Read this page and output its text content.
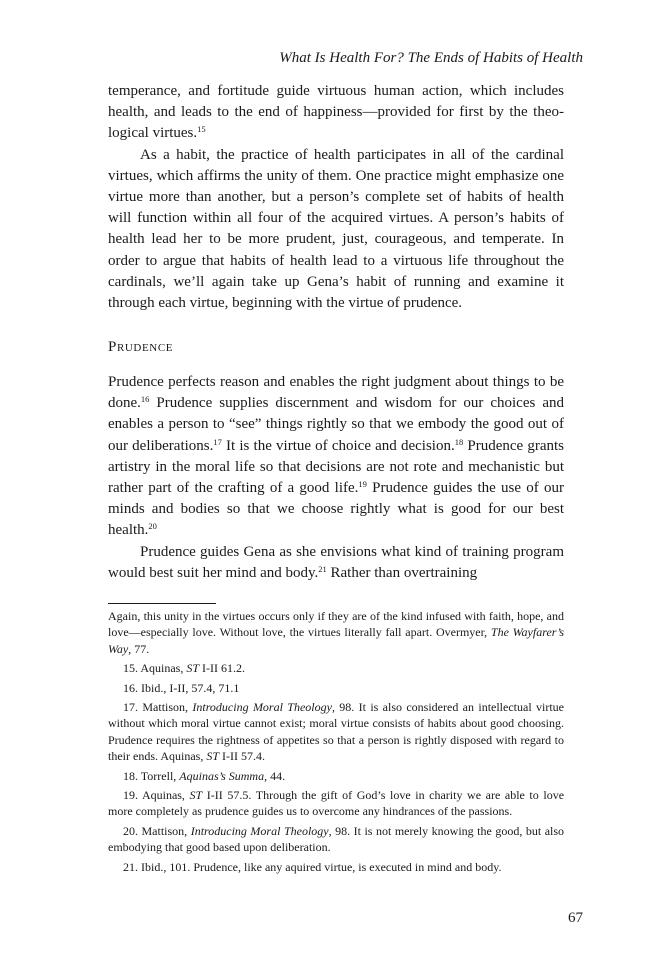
What Is Health For? The Ends of Habits of Health

temperance, and fortitude guide virtuous human action, which includes health, and leads to the end of happiness—provided for first by the theological virtues.$^{15}$

As a habit, the practice of health participates in all of the cardinal virtues, which affirms the unity of them. One practice might emphasize one virtue more than another, but a person’s complete set of habits of health will function within all four of the acquired virtues. A person’s habits of health lead her to be more prudent, just, courageous, and temperate. In order to argue that habits of health lead to a virtuous life throughout the cardinals, we’ll again take up Gena’s habit of running and examine it through each virtue, beginning with the virtue of prudence.

Prudence

Prudence perfects reason and enables the right judgment about things to be done.$^{16}$ Prudence supplies discernment and wisdom for our choices and enables a person to “see” things rightly so that we embody the good out of our deliberations.$^{17}$ It is the virtue of choice and decision.$^{18}$ Prudence grants artistry in the moral life so that decisions are not rote and mechanistic but rather part of the crafting of a good life.$^{19}$ Prudence guides the use of our minds and bodies so that we choose rightly what is good for our best health.$^{20}$

Prudence guides Gena as she envisions what kind of training program would best suit her mind and body.$^{21}$ Rather than overtraining

Again, this unity in the virtues occurs only if they are of the kind infused with faith, hope, and love—especially love. Without love, the virtues literally fall apart. Overmyer, The Wayfarer’s Way, 77.

15. Aquinas, ST I-II 61.2.

16. Ibid., I-II, 57.4, 71.1

17. Mattison, Introducing Moral Theology, 98. It is also considered an intellectual virtue without which moral virtue cannot exist; moral virtue consists of habits about good choosing. Prudence requires the rightness of appetites so that a person is rightly disposed with regard to their ends. Aquinas, ST I-II 57.4.

18. Torrell, Aquinas’s Summa, 44.

19. Aquinas, ST I-II 57.5. Through the gift of God’s love in charity we are able to love more completely as prudence guides us to overcome any hindrances of the passions.

20. Mattison, Introducing Moral Theology, 98. It is not merely knowing the good, but also embodying that good based upon deliberation.

21. Ibid., 101. Prudence, like any aquired virtue, is executed in mind and body.

67
